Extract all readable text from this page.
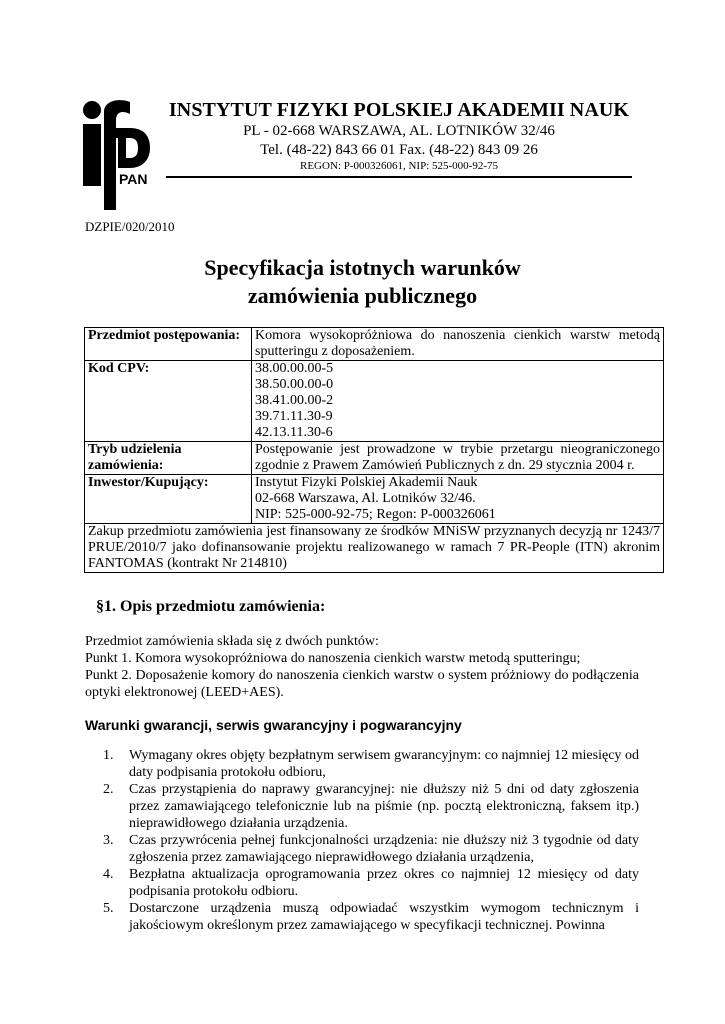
PAN
INSTYTUT FIZYKI POLSKIEJ AKADEMII NAUK
PL - 02-668 WARSZAWA, AL. LOTNIKÓW 32/46
Tel. (48-22) 843 66 01 Fax. (48-22) 843 09 26
REGON: P-000326061, NIP: 525-000-92-75
DZPIE/020/2010
Specyfikacja istotnych warunków
zamówienia publicznego
Przedmiot postępowania:	Komora wysokopróżniowa do nanoszenia cienkich warstw metodą sputteringu z doposażeniem.
Kod CPV:	38.00.00.00-5
38.50.00.00-0
38.41.00.00-2
39.71.11.30-9
42.13.11.30-6

Tryb udzielenia zamówienia:	Postępowanie jest prowadzone w trybie przetargu nieograniczonego zgodnie z Prawem Zamówień Publicznych z dn. 29 stycznia 2004 r.
Inwestor/Kupujący:	Instytut Fizyki Polskiej Akademii Nauk
02-668 Warszawa, Al. Lotników 32/46.
NIP: 525-000-92-75; Regon: P-000326061

Zakup przedmiotu zamówienia jest finansowany ze środków MNiSW przyznanych decyzją nr 1243/7 PRUE/2010/7 jako dofinansowanie projektu realizowanego w ramach 7 PR-People (ITN) akronim FANTOMAS (kontrakt Nr 214810)	
§1. Opis przedmiotu zamówienia:
Przedmiot zamówienia składa się z dwóch punktów:
Punkt 1. Komora wysokopróżniowa do nanoszenia cienkich warstw metodą sputteringu;
Punkt 2. Doposażenie komory do nanoszenia cienkich warstw o system próżniowy do podłączenia optyki elektronowej (LEED+AES).
Warunki gwarancji, serwis gwarancyjny i pogwarancyjny
1.	Wymagany okres objęty bezpłatnym serwisem gwarancyjnym: co najmniej 12 miesięcy od daty podpisania protokołu odbioru,
2.	Czas przystąpienia do naprawy gwarancyjnej: nie dłuższy niż 5 dni od daty zgłoszenia przez zamawiającego telefonicznie lub na piśmie (np. pocztą elektroniczną, faksem itp.) nieprawidłowego działania urządzenia.
3.	Czas przywrócenia pełnej funkcjonalności urządzenia: nie dłuższy niż 3 tygodnie od daty zgłoszenia przez zamawiającego nieprawidłowego działania urządzenia,
4.	Bezpłatna aktualizacja oprogramowania przez okres co najmniej 12 miesięcy od daty podpisania protokołu odbioru.
5.	Dostarczone urządzenia muszą odpowiadać wszystkim wymogom technicznym i jakościowym określonym przez zamawiającego w specyfikacji technicznej. Powinna
